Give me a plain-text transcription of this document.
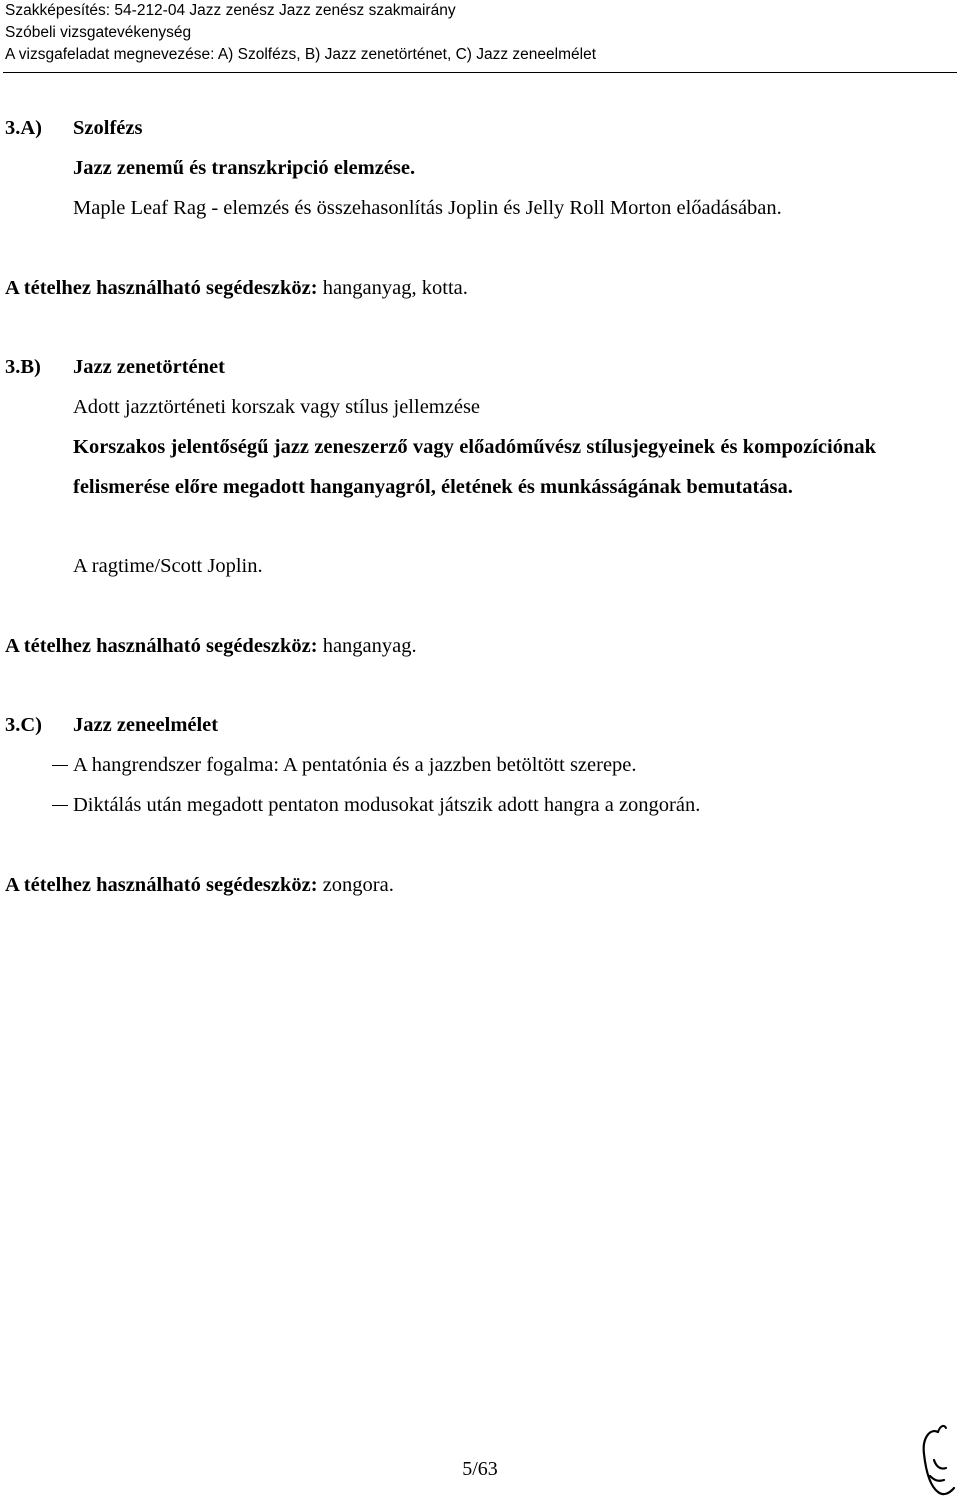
Szakképesítés: 54-212-04 Jazz zenész Jazz zenész szakmairány
Szóbeli vizsgatevékenység
A vizsgafeladat megnevezése: A) Szolfézs, B) Jazz zenetörténet, C) Jazz zeneelmélet
3.A) Szolfézs
Jazz zenemű és transzkripció elemzése.
Maple Leaf Rag - elemzés és összehasonlítás Joplin és Jelly Roll Morton előadásában.
A tételhez használható segédeszköz: hanganyag, kotta.
3.B) Jazz zenetörténet
Adott jazztörténeti korszak vagy stílus jellemzése
Korszakos jelentőségű jazz zeneszerző vagy előadóművész stílusjegyeinek és kompozíciónak felismerése előre megadott hanganyagról, életének és munkásságának bemutatása.
A ragtime/Scott Joplin.
A tételhez használható segédeszköz: hanganyag.
3.C) Jazz zeneelmélet
A hangrendszer fogalma: A pentatónia és a jazzben betöltött szerepe.
Diktálás után megadott pentaton modusokat játszik adott hangra a zongorán.
A tételhez használható segédeszköz: zongora.
5/63
